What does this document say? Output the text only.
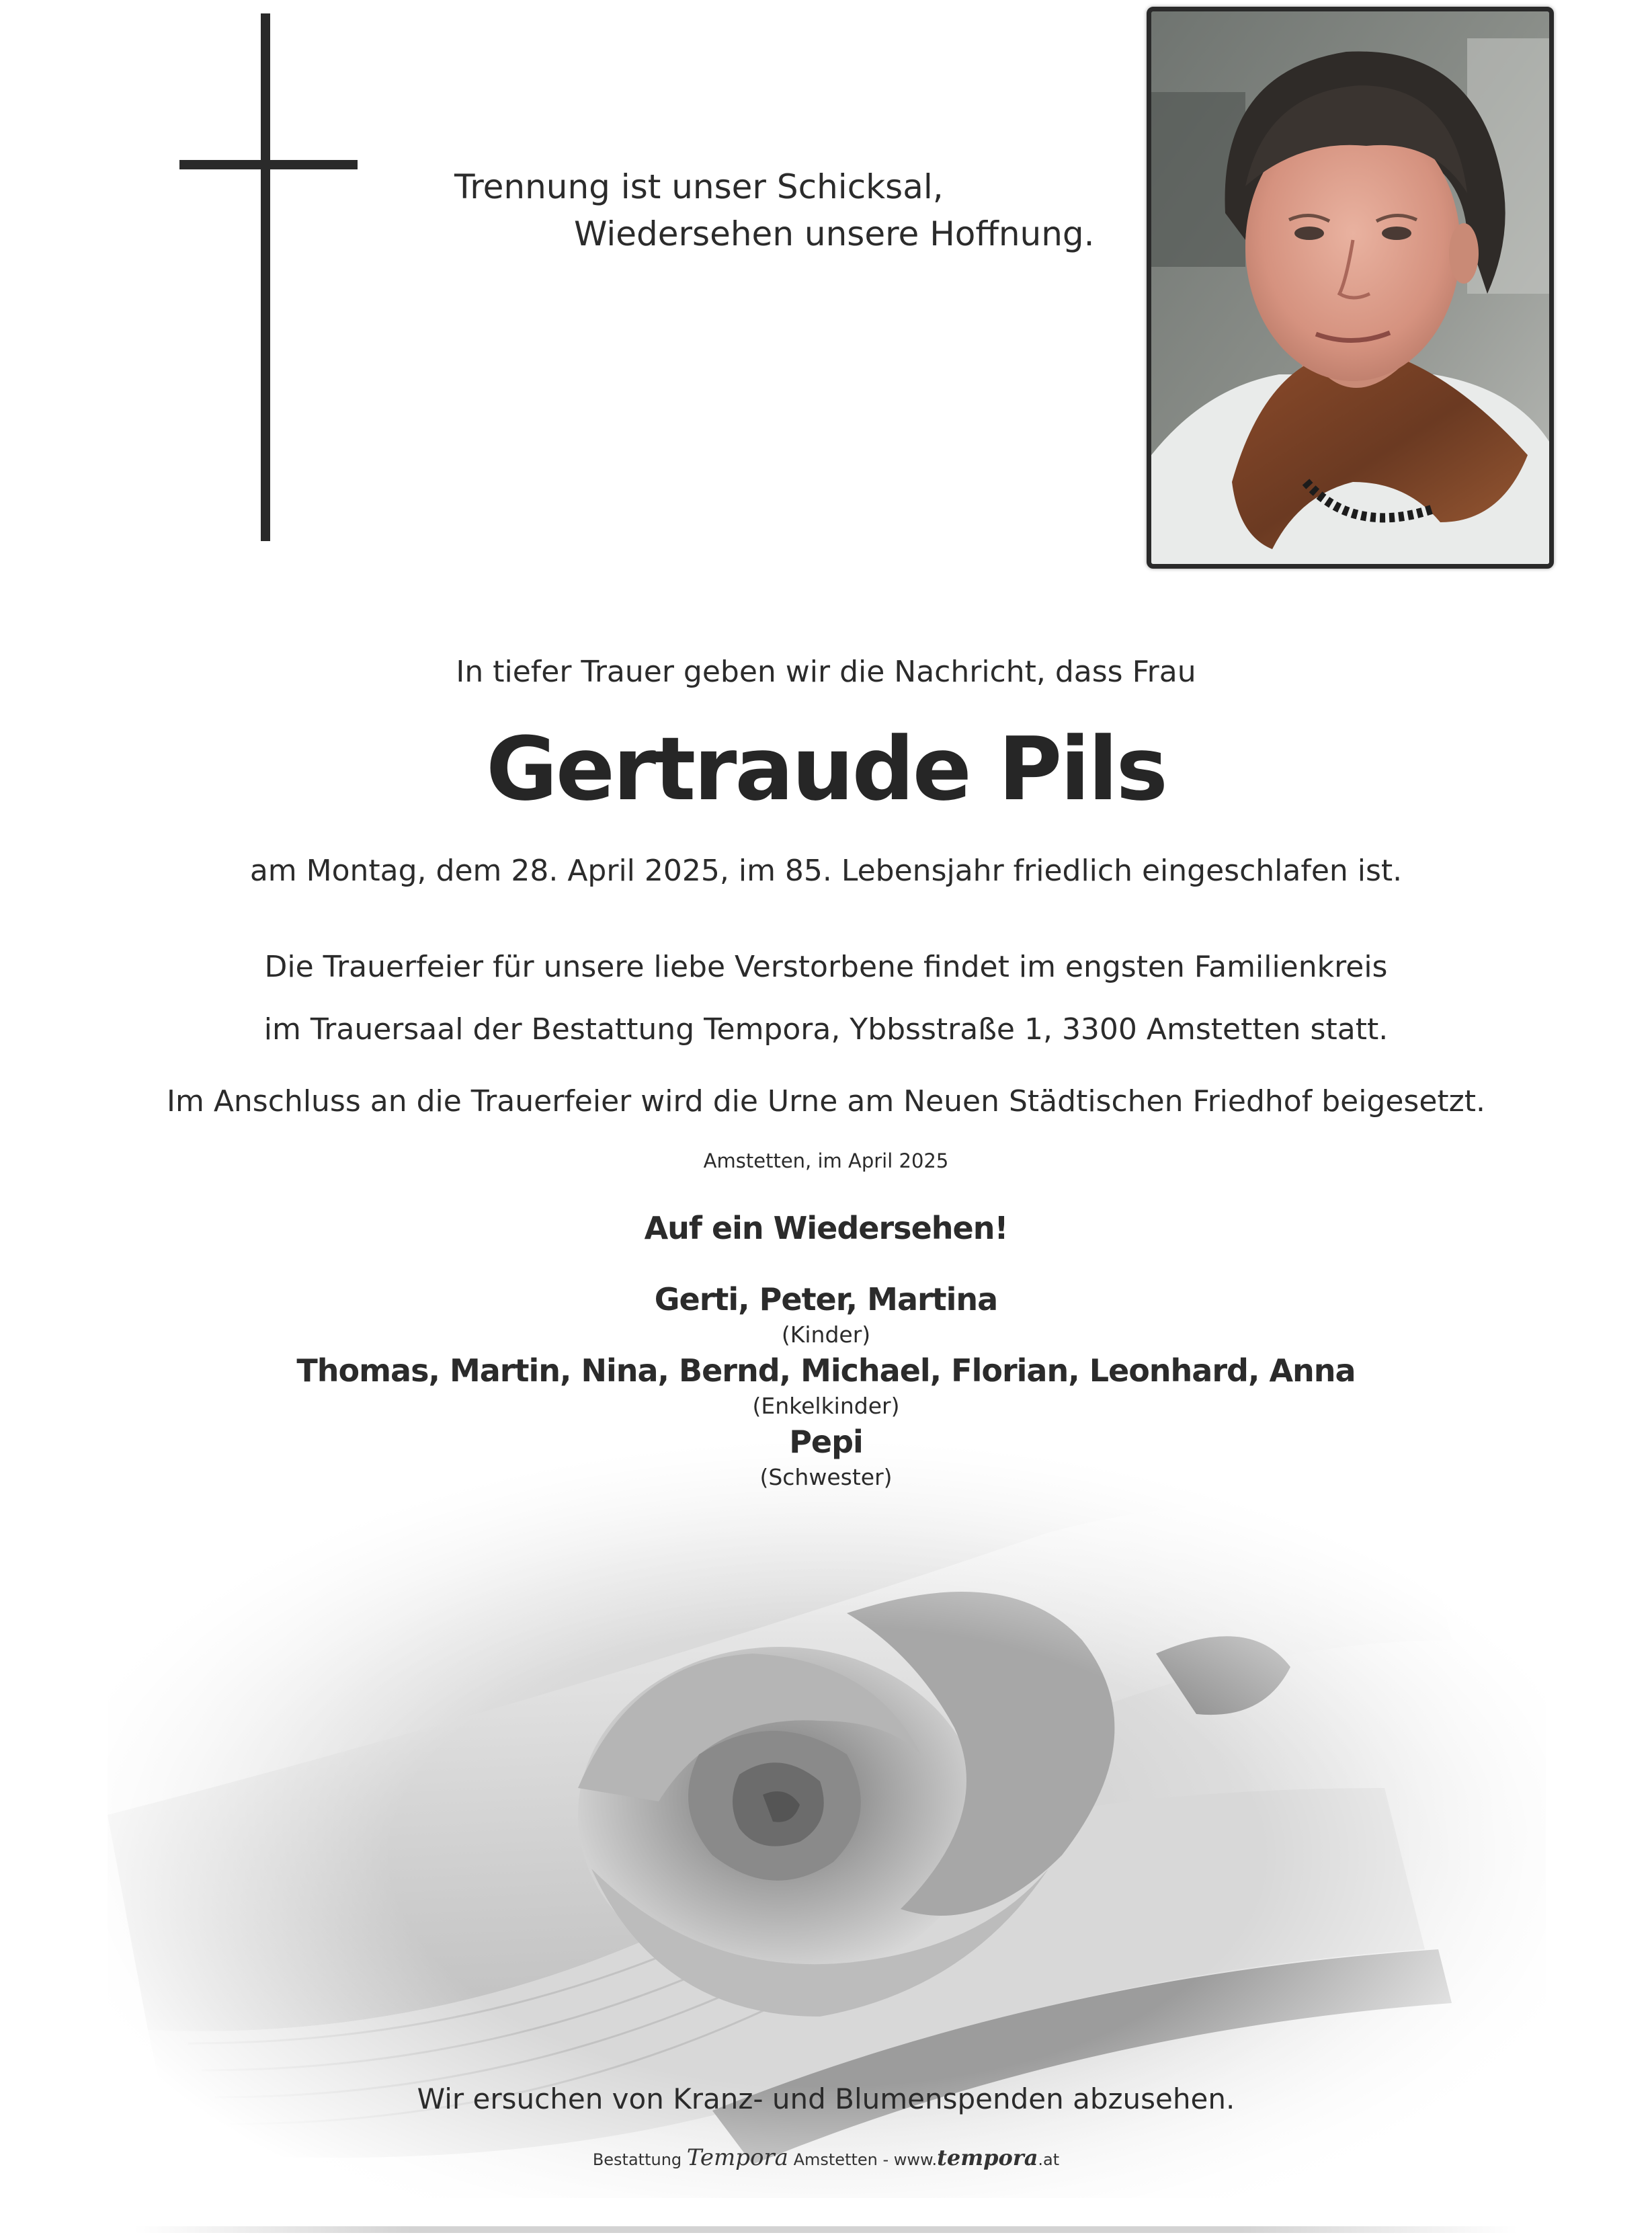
Trennung ist unser Schicksal,
Wiedersehen unsere Hoffnung.
In tiefer Trauer geben wir die Nachricht, dass Frau
Gertraude Pils
am Montag, dem 28. April 2025, im 85. Lebensjahr friedlich eingeschlafen ist.
Die Trauerfeier für unsere liebe Verstorbene findet im engsten Familienkreis
im Trauersaal der Bestattung Tempora, Ybbsstraße 1, 3300 Amstetten statt.
Im Anschluss an die Trauerfeier wird die Urne am Neuen Städtischen Friedhof beigesetzt.
Amstetten, im April 2025
Auf ein Wiedersehen!
Gerti, Peter, Martina
(Kinder)
Thomas, Martin, Nina, Bernd, Michael, Florian, Leonhard, Anna
(Enkelkinder)
Pepi
(Schwester)
Wir ersuchen von Kranz- und Blumenspenden abzusehen.
Bestattung Tempora Amstetten - www.tempora.at
